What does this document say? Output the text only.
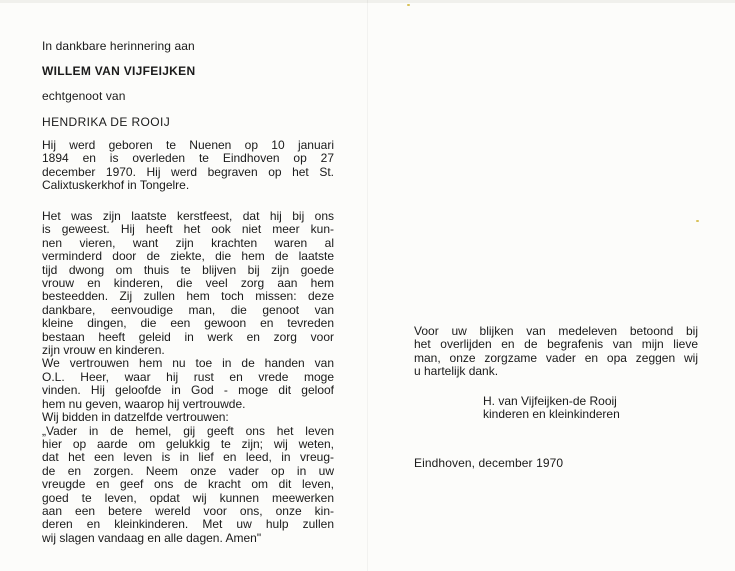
In dankbare herinnering aan
WILLEM VAN VIJFEIJKEN
echtgenoot van
HENDRIKA DE ROOIJ
Hij werd geboren te Nuenen op 10 januari
1894 en is overleden te Eindhoven op 27
december 1970. Hij werd begraven op het St.
Calixtuskerkhof in Tongelre.
Het was zijn laatste kerstfeest, dat hij bij ons
is geweest. Hij heeft het ook niet meer kun-
nen vieren, want zijn krachten waren al
verminderd door de ziekte, die hem de laatste
tijd dwong om thuis te blijven bij zijn goede
vrouw en kinderen, die veel zorg aan hem
besteedden. Zij zullen hem toch missen: deze
dankbare, eenvoudige man, die genoot van
kleine dingen, die een gewoon en tevreden
bestaan heeft geleid in werk en zorg voor
zijn vrouw en kinderen.
We vertrouwen hem nu toe in de handen van
O.L. Heer, waar hij rust en vrede moge
vinden. Hij geloofde in God - moge dit geloof
hem nu geven, waarop hij vertrouwde.
Wij bidden in datzelfde vertrouwen:
„Vader in de hemel, gij geeft ons het leven
hier op aarde om gelukkig te zijn; wij weten,
dat het een leven is in lief en leed, in vreug-
de en zorgen. Neem onze vader op in uw
vreugde en geef ons de kracht om dit leven,
goed te leven, opdat wij kunnen meewerken
aan een betere wereld voor ons, onze kin-
deren en kleinkinderen. Met uw hulp zullen
wij slagen vandaag en alle dagen. Amen"
Voor uw blijken van medeleven betoond bij
het overlijden en de begrafenis van mijn lieve
man, onze zorgzame vader en opa zeggen wij
u hartelijk dank.
H. van Vijfeijken-de Rooij
kinderen en kleinkinderen
Eindhoven, december 1970
